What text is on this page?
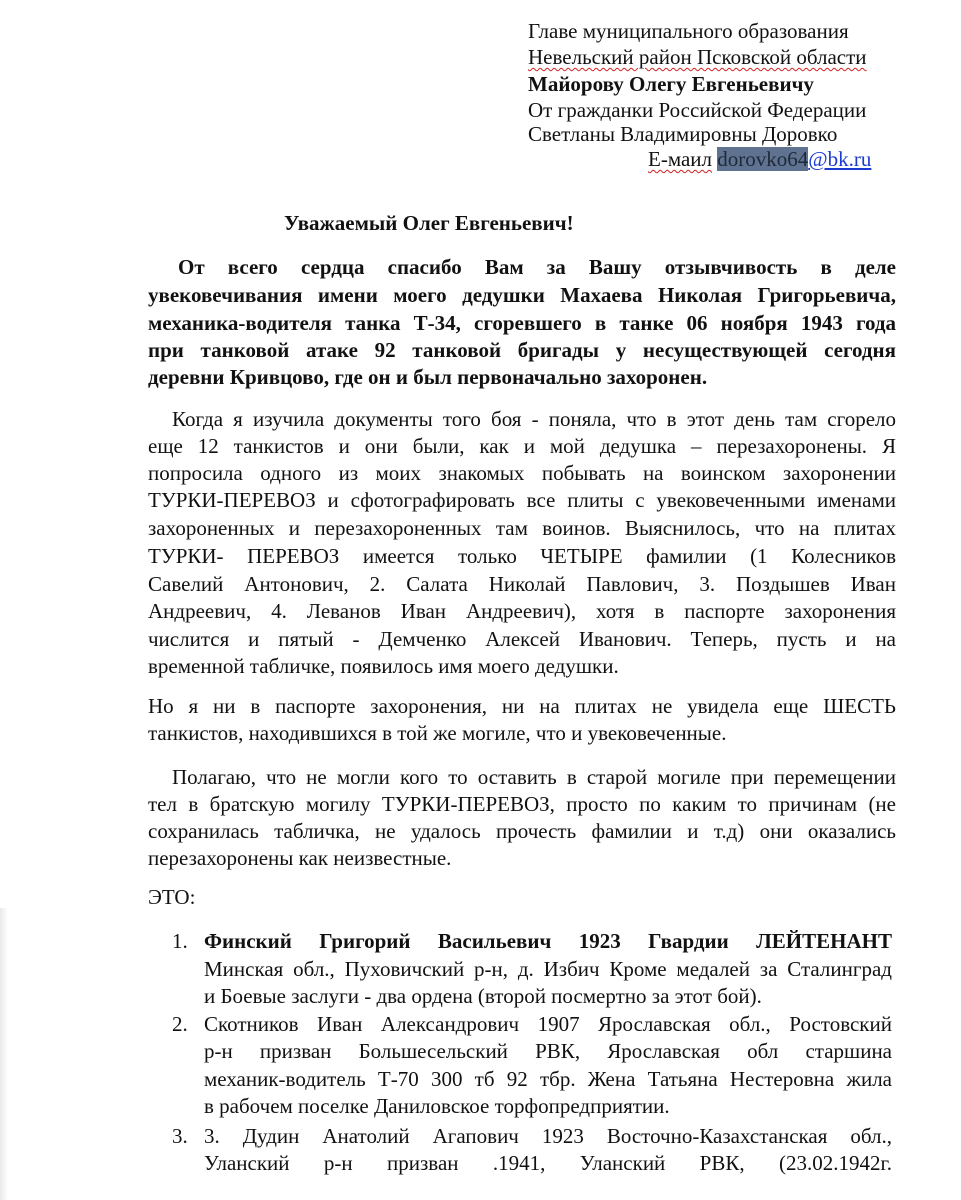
Главе муниципального образования
Невельский район Псковской области
Майорову Олегу Евгеньевичу
От гражданки Российской Федерации
Светланы Владимировны Доровко
Е-маил dorovko64@bk.ru
Уважаемый Олег Евгеньевич!
От всего сердца спасибо Вам за Вашу отзывчивость в деле
увековечивания имени моего дедушки Махаева Николая Григорьевича,
механика-водителя танка Т-34, сгоревшего в танке 06 ноября 1943 года
при танковой атаке 92 танковой бригады у несуществующей сегодня
деревни Кривцово, где он и был первоначально захоронен.
Когда я изучила документы того боя - поняла, что в этот день там сгорело
еще 12 танкистов и они были, как и мой дедушка – перезахоронены. Я
попросила одного из моих знакомых побывать на воинском захоронении
ТУРКИ-ПЕРЕВОЗ и сфотографировать все плиты с увековеченными именами
захороненных и перезахороненных там воинов. Выяснилось, что на плитах
ТУРКИ- ПЕРЕВОЗ имеется только ЧЕТЫРЕ фамилии (1 Колесников
Савелий Антонович, 2. Салата Николай Павлович, 3. Поздышев Иван
Андреевич, 4. Леванов Иван Андреевич), хотя в паспорте захоронения
числится и пятый - Демченко Алексей Иванович. Теперь, пусть и на
временной табличке, появилось имя моего дедушки.
Но я ни в паспорте захоронения, ни на плитах не увидела еще ШЕСТЬ
танкистов, находившихся в той же могиле, что и увековеченные.
Полагаю, что не могли кого то оставить в старой могиле при перемещении
тел в братскую могилу ТУРКИ-ПЕРЕВОЗ, просто по каким то причинам (не
сохранилась табличка, не удалось прочесть фамилии и т.д) они оказались
перезахоронены как неизвестные.
ЭТО:
1. Финский Григорий Васильевич 1923 Гвардии ЛЕЙТЕНАНТ
Минская обл., Пуховичский р-н, д. Избич Кроме медалей за Сталинград
и Боевые заслуги - два ордена (второй посмертно за этот бой).
2. Скотников Иван Александрович 1907 Ярославская обл., Ростовский
р-н призван Большесельский РВК, Ярославская обл старшина
механик-водитель Т-70 300 тб 92 тбр. Жена Татьяна Нестеровна жила
в рабочем поселке Даниловское торфопредприятии.
3. 3. Дудин Анатолий Агапович 1923 Восточно-Казахстанская обл.,
Уланский р-н призван .1941, Уланский РВК, (23.02.1942г.
